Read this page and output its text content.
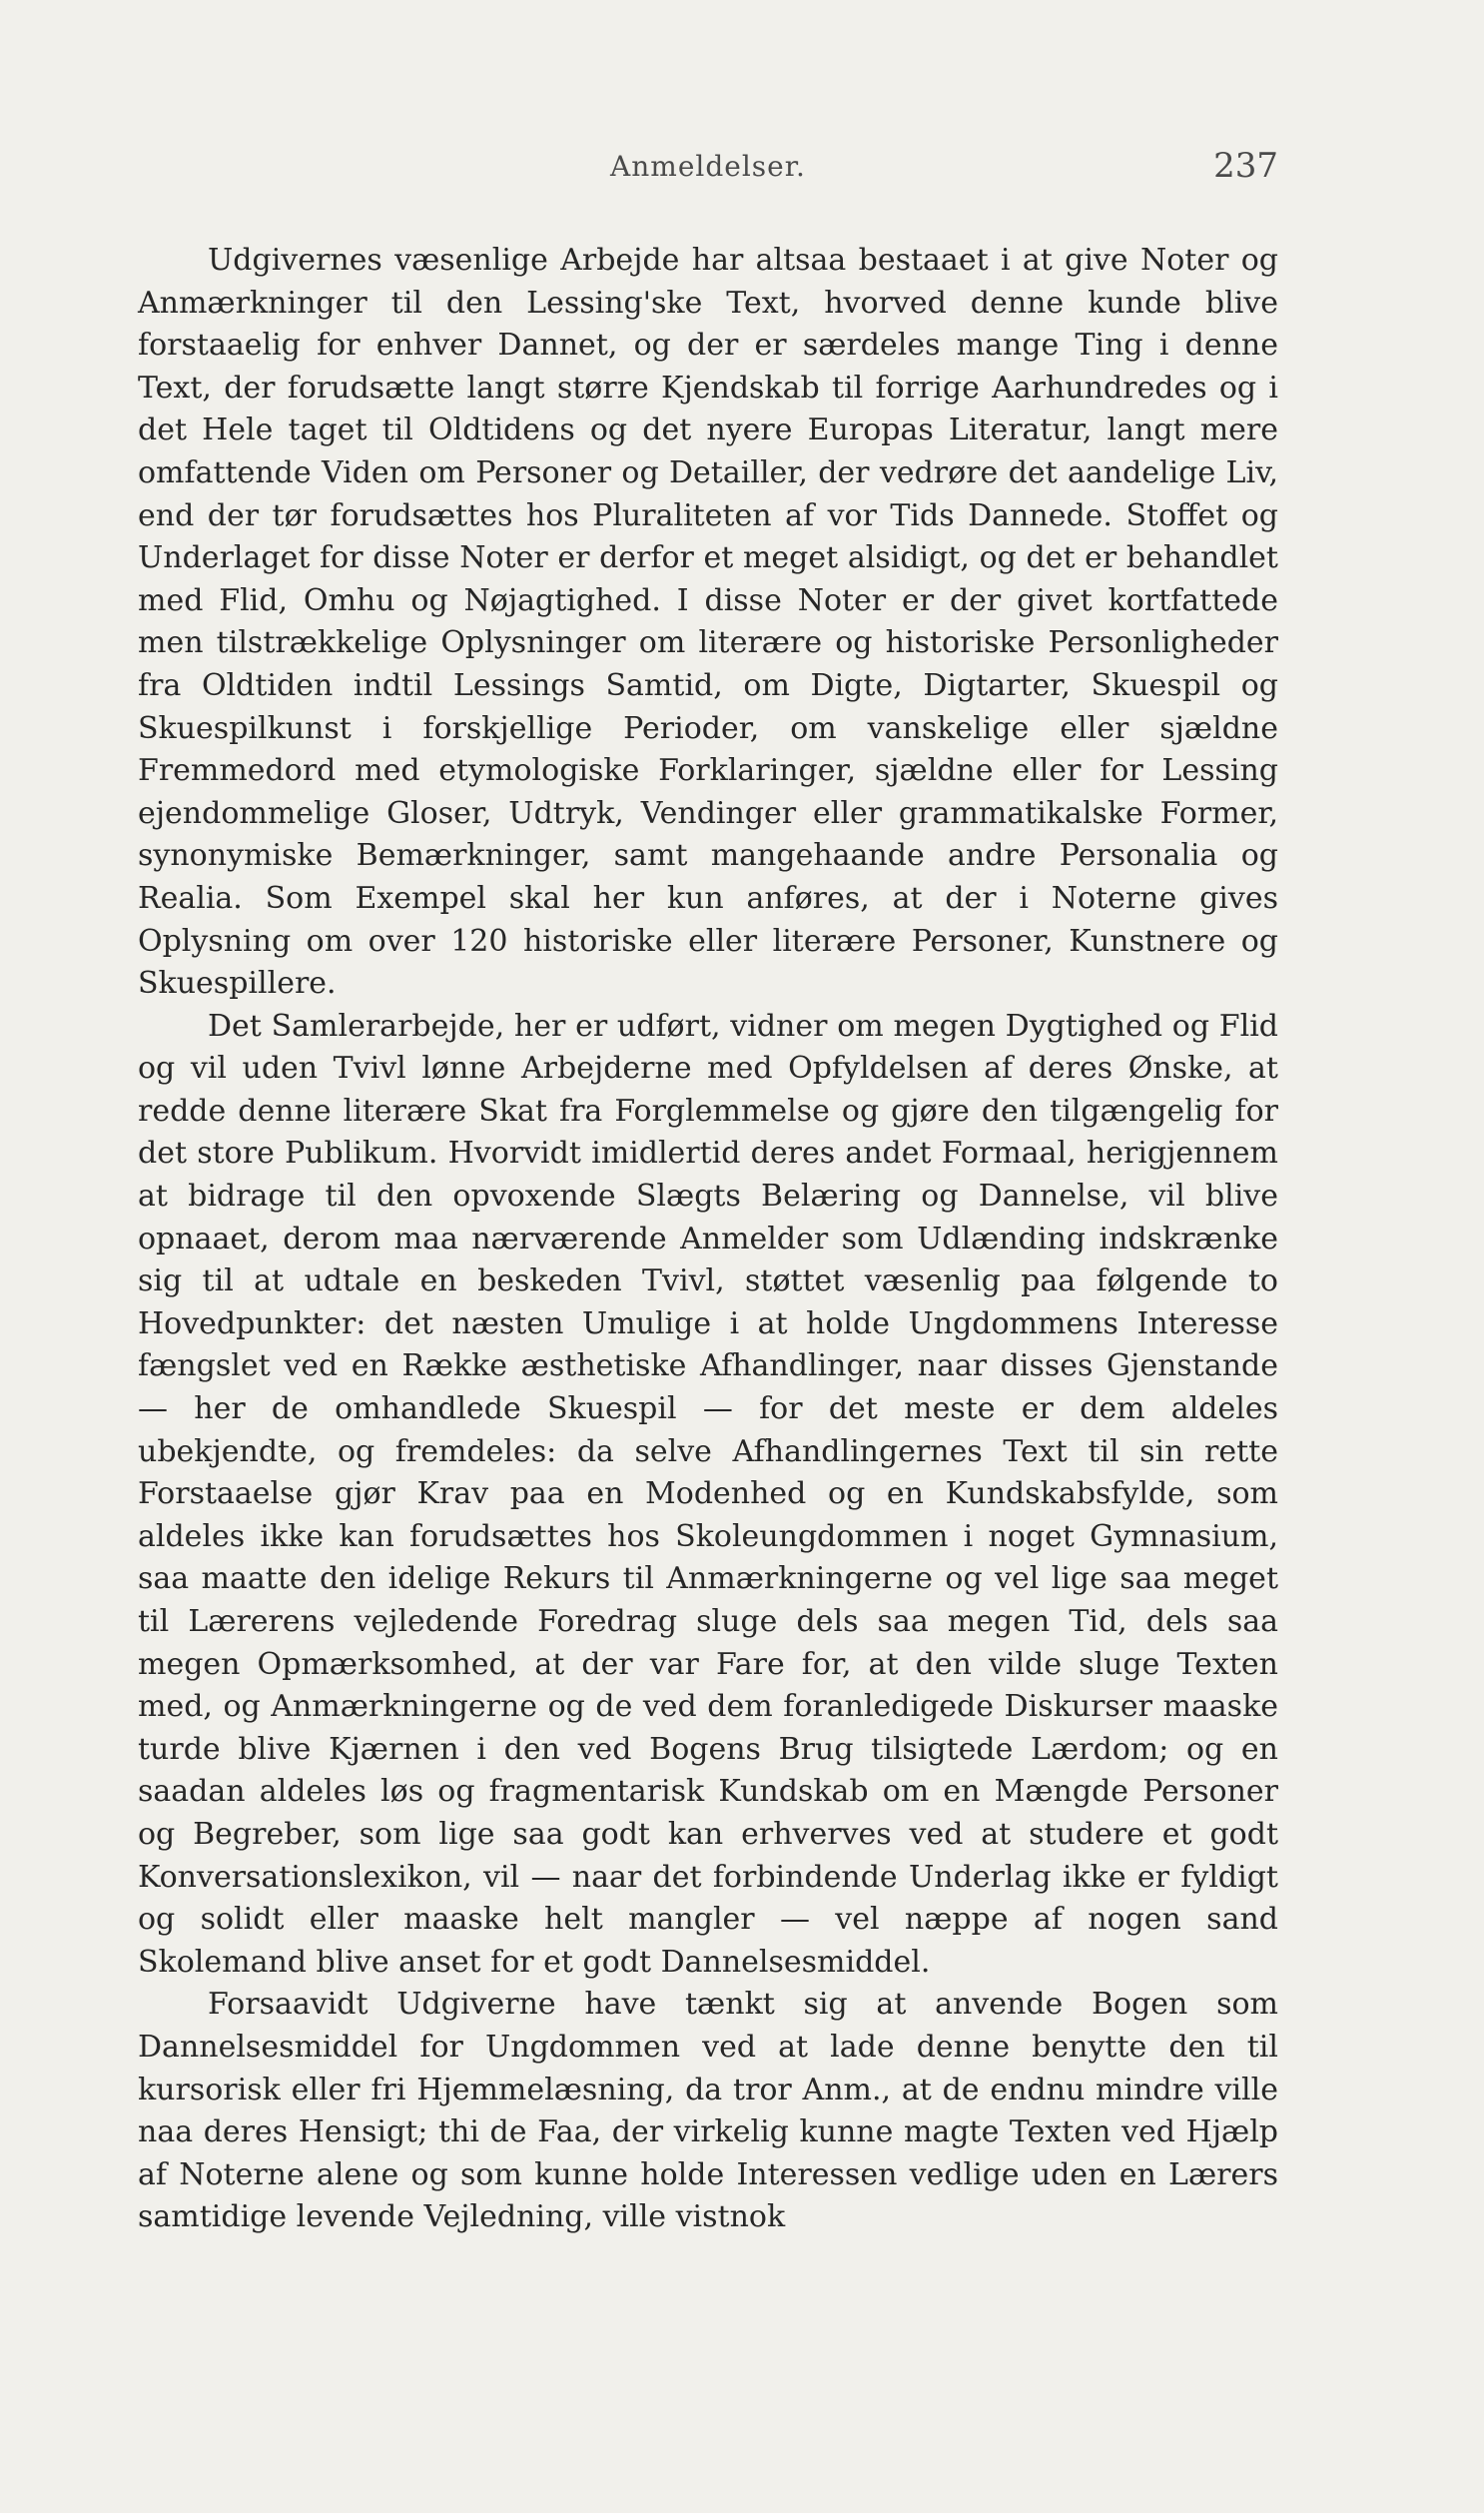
Anmeldelser.	237

Udgivernes væsenlige Arbejde har altsaa bestaaet i at give Noter og Anmærkninger til den Lessing'ske Text, hvorved denne kunde blive forstaaelig for enhver Dannet, og der er særdeles mange Ting i denne Text, der forudsætte langt større Kjendskab til forrige Aarhundredes og i det Hele taget til Oldtidens og det nyere Europas Literatur, langt mere omfattende Viden om Personer og Detailler, der vedrøre det aandelige Liv, end der tør forudsættes hos Pluraliteten af vor Tids Dannede. Stoffet og Underlaget for disse Noter er derfor et meget alsidigt, og det er behandlet med Flid, Omhu og Nøjagtighed. I disse Noter er der givet kortfattede men tilstrækkelige Oplysninger om literære og historiske Personligheder fra Oldtiden indtil Lessings Samtid, om Digte, Digtarter, Skuespil og Skuespilkunst i forskjellige Perioder, om vanskelige eller sjældne Fremmedord med etymologiske Forklaringer, sjældne eller for Lessing ejendommelige Gloser, Udtryk, Vendinger eller grammatikalske Former, synonymiske Bemærkninger, samt mangehaande andre Personalia og Realia. Som Exempel skal her kun anføres, at der i Noterne gives Oplysning om over 120 historiske eller literære Personer, Kunstnere og Skuespillere.

Det Samlerarbejde, her er udført, vidner om megen Dygtighed og Flid og vil uden Tvivl lønne Arbejderne med Opfyldelsen af deres Ønske, at redde denne literære Skat fra Forglemmelse og gjøre den tilgængelig for det store Publikum. Hvorvidt imidlertid deres andet Formaal, herigjennem at bidrage til den opvoxende Slægts Belæring og Dannelse, vil blive opnaaet, derom maa nærværende Anmelder som Udlænding indskrænke sig til at udtale en beskeden Tvivl, støttet væsenlig paa følgende to Hovedpunkter: det næsten Umulige i at holde Ungdommens Interesse fængslet ved en Række æsthetiske Afhandlinger, naar disses Gjenstande — her de omhandlede Skuespil — for det meste er dem aldeles ubekjendte, og fremdeles: da selve Afhandlingernes Text til sin rette Forstaaelse gjør Krav paa en Modenhed og en Kundskabsfylde, som aldeles ikke kan forudsættes hos Skoleungdommen i noget Gymnasium, saa maatte den idelige Rekurs til Anmærkningerne og vel lige saa meget til Lærerens vejledende Foredrag sluge dels saa megen Tid, dels saa megen Opmærksomhed, at der var Fare for, at den vilde sluge Texten med, og Anmærkningerne og de ved dem foranledigede Diskurser maaske turde blive Kjærnen i den ved Bogens Brug tilsigtede Lærdom; og en saadan aldeles løs og fragmentarisk Kundskab om en Mængde Personer og Begreber, som lige saa godt kan erhverves ved at studere et godt Konversationslexikon, vil — naar det forbindende Underlag ikke er fyldigt og solidt eller maaske helt mangler — vel næppe af nogen sand Skolemand blive anset for et godt Dannelsesmiddel.

Forsaavidt Udgiverne have tænkt sig at anvende Bogen som Dannelsesmiddel for Ungdommen ved at lade denne benytte den til kursorisk eller fri Hjemmelæsning, da tror Anm., at de endnu mindre ville naa deres Hensigt; thi de Faa, der virkelig kunne magte Texten ved Hjælp af Noterne alene og som kunne holde Interessen vedlige uden en Lærers samtidige levende Vejledning, ville vistnok
